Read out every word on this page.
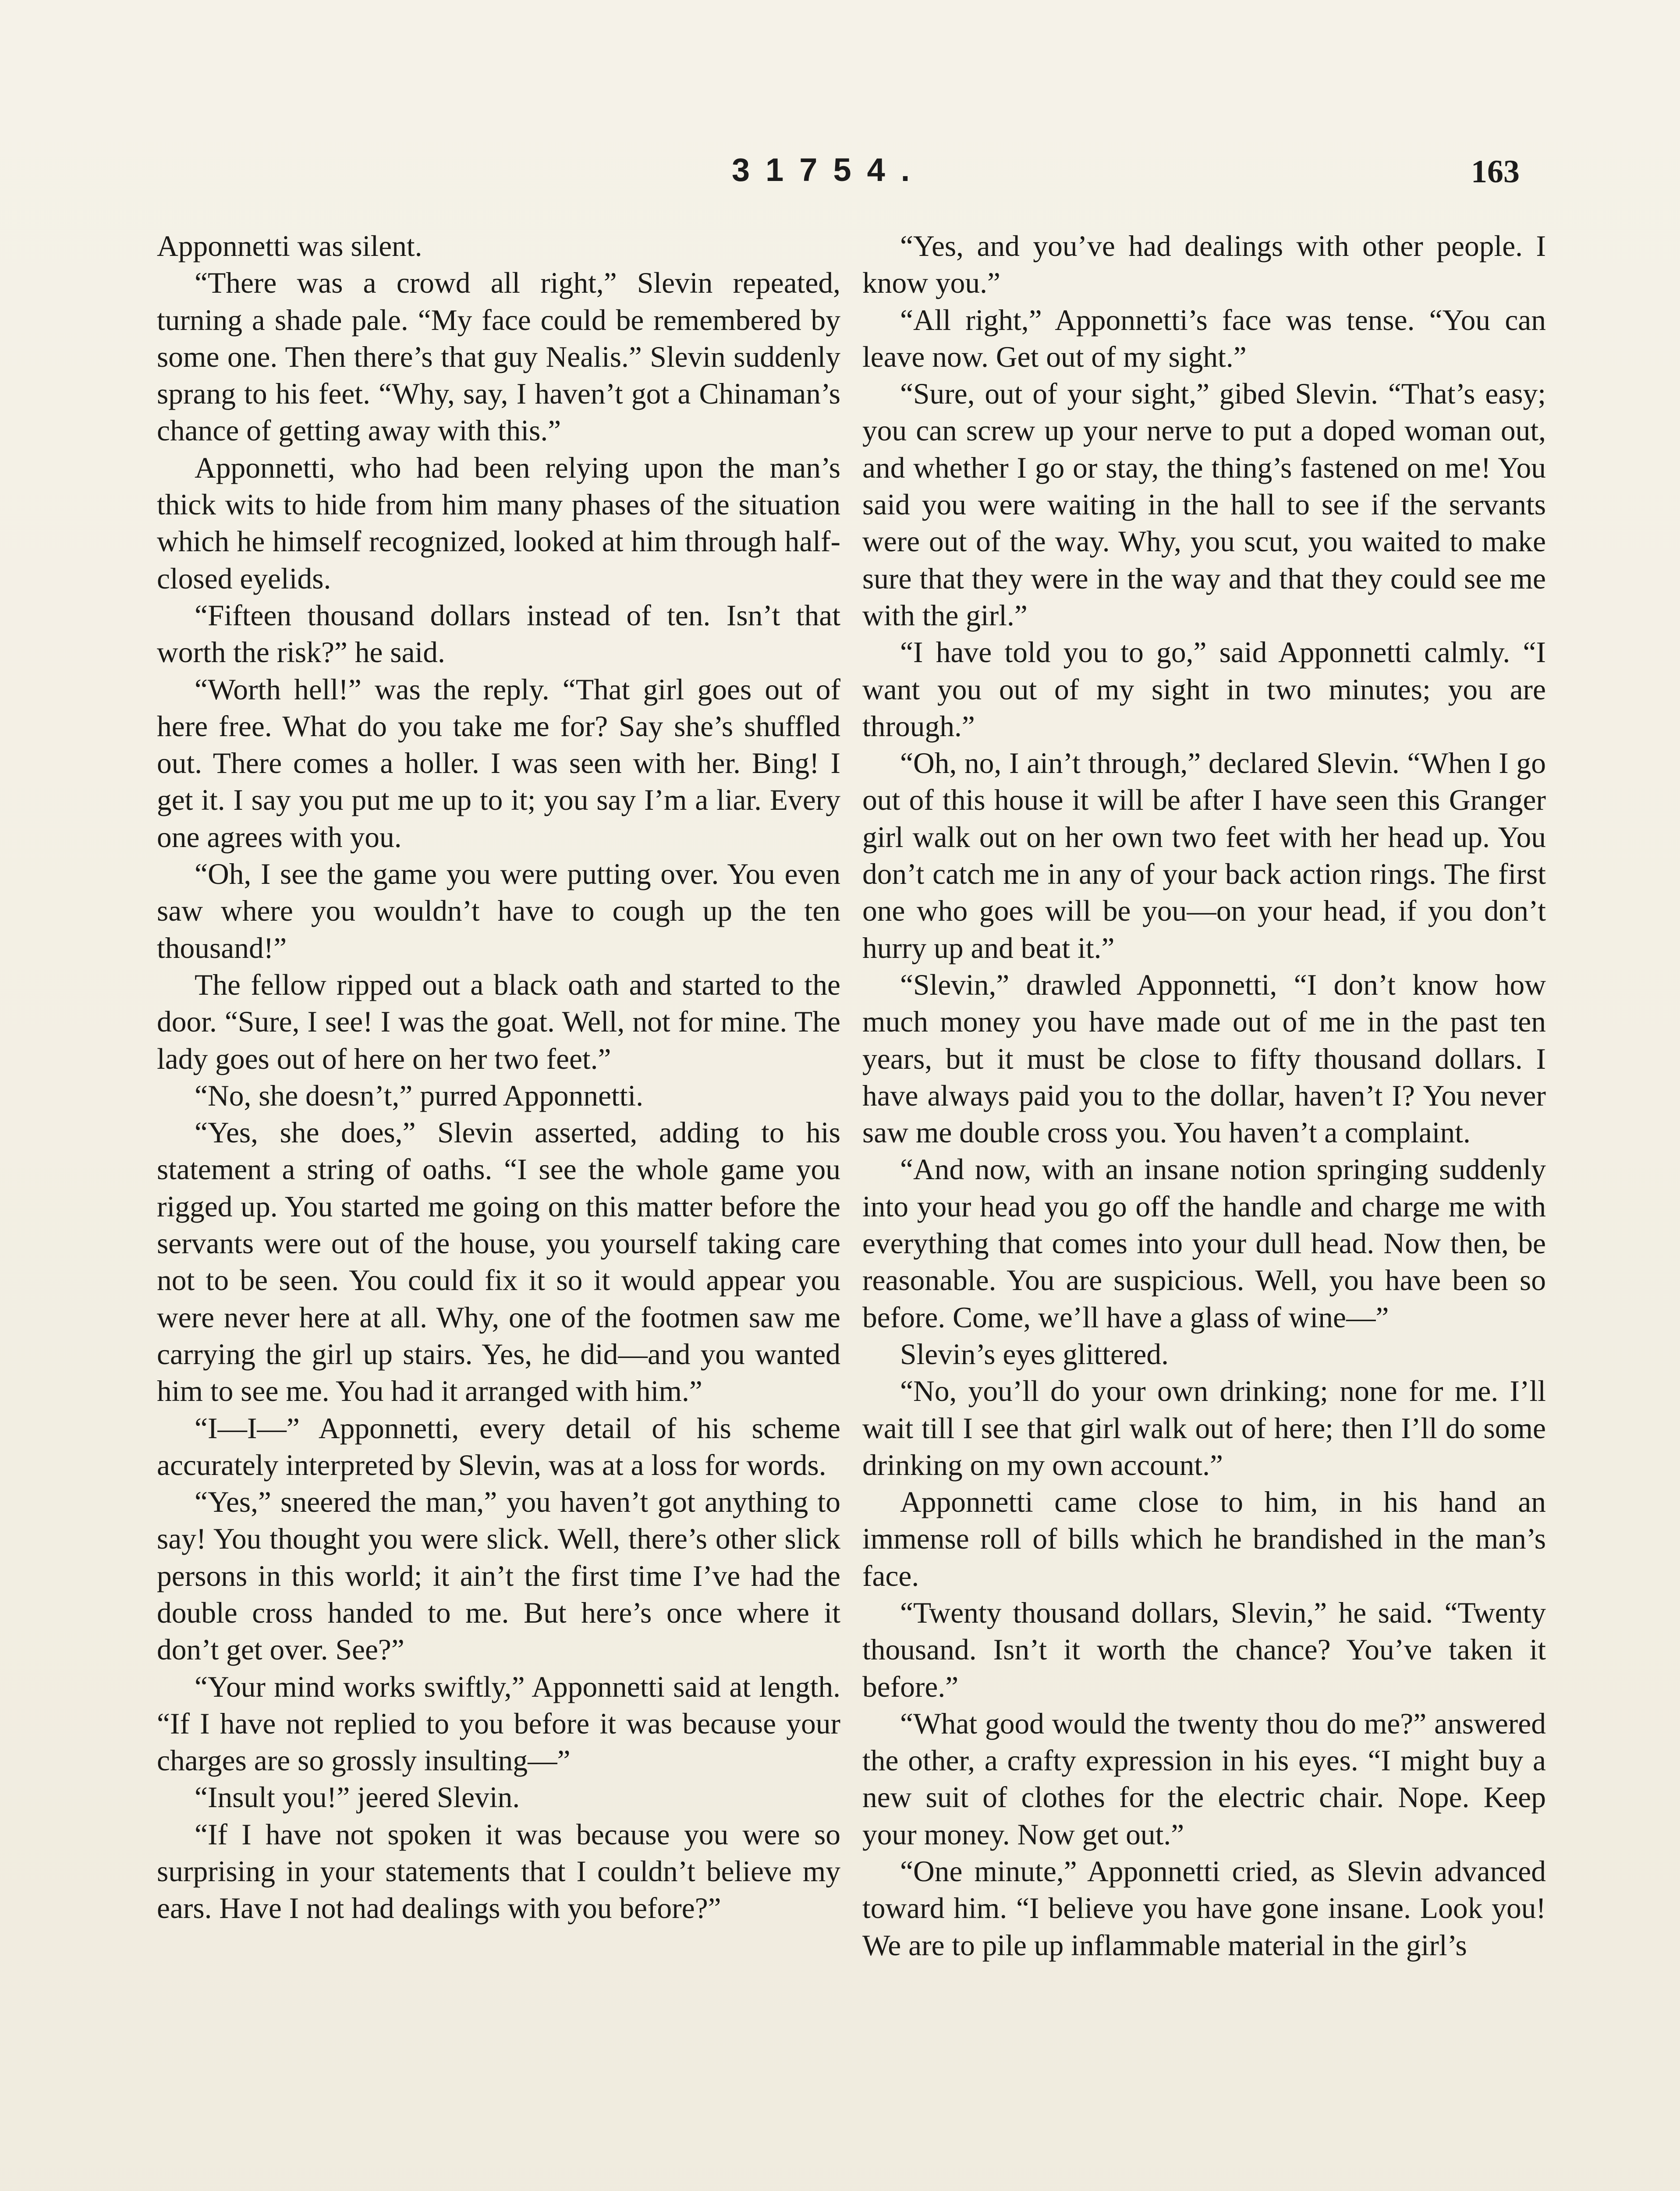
31754.	163

Apponnetti was silent.

“There was a crowd all right,” Slevin repeated, turning a shade pale. “My face could be remembered by some one. Then there’s that guy Nealis.” Slevin suddenly sprang to his feet. “Why, say, I haven’t got a Chinaman’s chance of getting away with this.”

Apponnetti, who had been relying upon the man’s thick wits to hide from him many phases of the situation which he himself recognized, looked at him through half-closed eyelids.

“Fifteen thousand dollars instead of ten. Isn’t that worth the risk?” he said.

“Worth hell!” was the reply. “That girl goes out of here free. What do you take me for? Say she’s shuffled out. There comes a holler. I was seen with her. Bing! I get it. I say you put me up to it; you say I’m a liar. Every one agrees with you.

“Oh, I see the game you were putting over. You even saw where you wouldn’t have to cough up the ten thousand!”

The fellow ripped out a black oath and started to the door. “Sure, I see! I was the goat. Well, not for mine. The lady goes out of here on her two feet.”

“No, she doesn’t,” purred Apponnetti.

“Yes, she does,” Slevin asserted, adding to his statement a string of oaths. “I see the whole game you rigged up. You started me going on this matter before the servants were out of the house, you yourself taking care not to be seen. You could fix it so it would appear you were never here at all. Why, one of the footmen saw me carrying the girl up stairs. Yes, he did—and you wanted him to see me. You had it arranged with him.”

“I—I—” Apponnetti, every detail of his scheme accurately interpreted by Slevin, was at a loss for words.

“Yes,” sneered the man,” you haven’t got anything to say! You thought you were slick. Well, there’s other slick persons in this world; it ain’t the first time I’ve had the double cross handed to me. But here’s once where it don’t get over. See?”

“Your mind works swiftly,” Apponnetti said at length. “If I have not replied to you before it was because your charges are so grossly insulting—”

“Insult you!” jeered Slevin.

“If I have not spoken it was because you were so surprising in your statements that I couldn’t believe my ears. Have I not had dealings with you before?”

“Yes, and you’ve had dealings with other people. I know you.”

“All right,” Apponnetti’s face was tense. “You can leave now. Get out of my sight.”

“Sure, out of your sight,” gibed Slevin. “That’s easy; you can screw up your nerve to put a doped woman out, and whether I go or stay, the thing’s fastened on me! You said you were waiting in the hall to see if the servants were out of the way. Why, you scut, you waited to make sure that they were in the way and that they could see me with the girl.”

“I have told you to go,” said Apponnetti calmly. “I want you out of my sight in two minutes; you are through.”

“Oh, no, I ain’t through,” declared Slevin. “When I go out of this house it will be after I have seen this Granger girl walk out on her own two feet with her head up. You don’t catch me in any of your back action rings. The first one who goes will be you—on your head, if you don’t hurry up and beat it.”

“Slevin,” drawled Apponnetti, “I don’t know how much money you have made out of me in the past ten years, but it must be close to fifty thousand dollars. I have always paid you to the dollar, haven’t I? You never saw me double cross you. You haven’t a complaint.

“And now, with an insane notion springing suddenly into your head you go off the handle and charge me with everything that comes into your dull head. Now then, be reasonable. You are suspicious. Well, you have been so before. Come, we’ll have a glass of wine—”

Slevin’s eyes glittered.

“No, you’ll do your own drinking; none for me. I’ll wait till I see that girl walk out of here; then I’ll do some drinking on my own account.”

Apponnetti came close to him, in his hand an immense roll of bills which he brandished in the man’s face.

“Twenty thousand dollars, Slevin,” he said. “Twenty thousand. Isn’t it worth the chance? You’ve taken it before.”

“What good would the twenty thou do me?” answered the other, a crafty expression in his eyes. “I might buy a new suit of clothes for the electric chair. Nope. Keep your money. Now get out.”

“One minute,” Apponnetti cried, as Slevin advanced toward him. “I believe you have gone insane. Look you! We are to pile up inflammable material in the girl’s
